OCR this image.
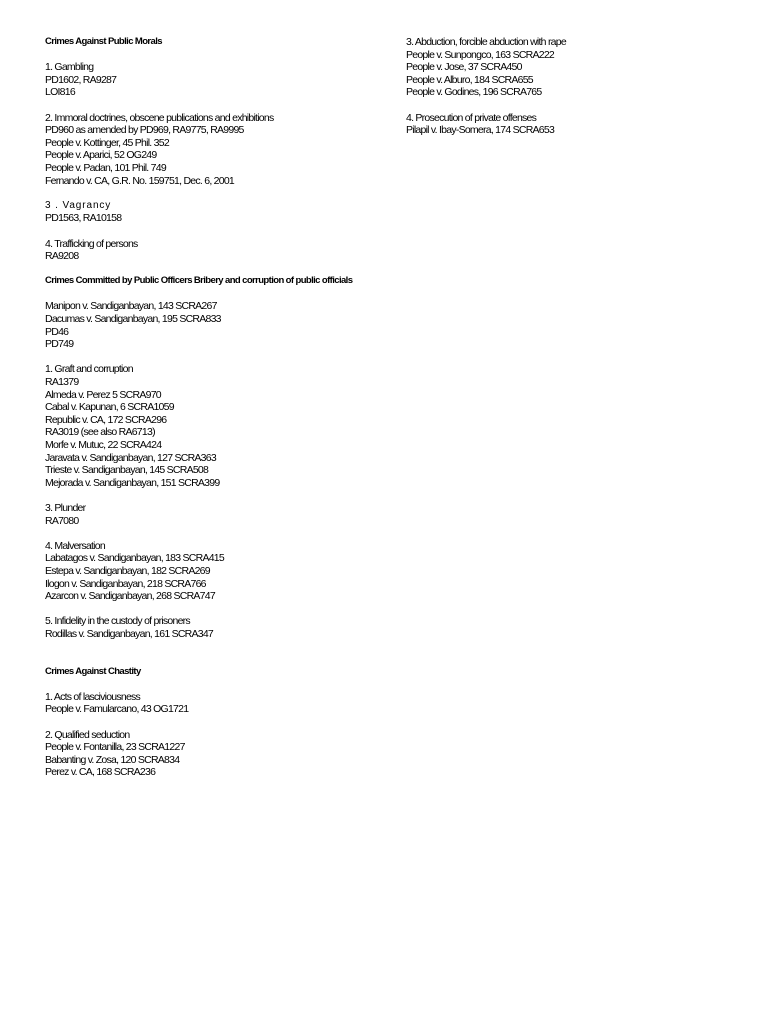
Crimes Against Public Morals
1. Gambling
PD1602, RA9287
LOI816
2. Immoral doctrines, obscene publications and exhibitions
PD960 as amended by PD969, RA9775, RA9995
People v. Kottinger, 45 Phil. 352
People v. Aparici, 52 OG249
People v. Padan, 101 Phil. 749
Fernando v. CA, G.R. No. 159751, Dec. 6, 2001
3 . Vagrancy
PD1563, RA10158
4. Trafficking of persons
RA9208
Crimes Committed by Public Officers Bribery and corruption of public officials
Manipon v. Sandiganbayan, 143 SCRA267
Dacumas v. Sandiganbayan, 195 SCRA833
PD46
PD749
1. Graft and corruption
RA1379
Almeda v. Perez 5 SCRA970
Cabal v. Kapunan, 6 SCRA1059
Republic v. CA, 172 SCRA296
RA3019 (see also RA6713)
Morfe v. Mutuc, 22 SCRA424
Jaravata v. Sandiganbayan, 127 SCRA363
Trieste v. Sandiganbayan, 145 SCRA508
Mejorada v. Sandiganbayan, 151 SCRA399
3. Plunder
RA7080
4. Malversation
Labatagos v. Sandiganbayan, 183 SCRA415
Estepa v. Sandiganbayan, 182 SCRA269
Ilogon v. Sandiganbayan, 218 SCRA766
Azarcon v. Sandiganbayan, 268 SCRA747
5. Infidelity in the custody of prisoners
Rodillas v. Sandiganbayan, 161 SCRA347
Crimes Against Chastity
1. Acts of lasciviousness
People v. Famularcano, 43 OG1721
2. Qualified seduction
People v. Fontanilla, 23 SCRA1227
Babanting v. Zosa, 120 SCRA834
Perez v. CA, 168 SCRA236
3. Abduction, forcible abduction with rape
People v. Sunpongco, 163 SCRA222
People v. Jose, 37 SCRA450
People v. Alburo, 184 SCRA655
People v. Godines, 196 SCRA765
4. Prosecution of private offenses
Pilapil v. Ibay-Somera, 174 SCRA653
